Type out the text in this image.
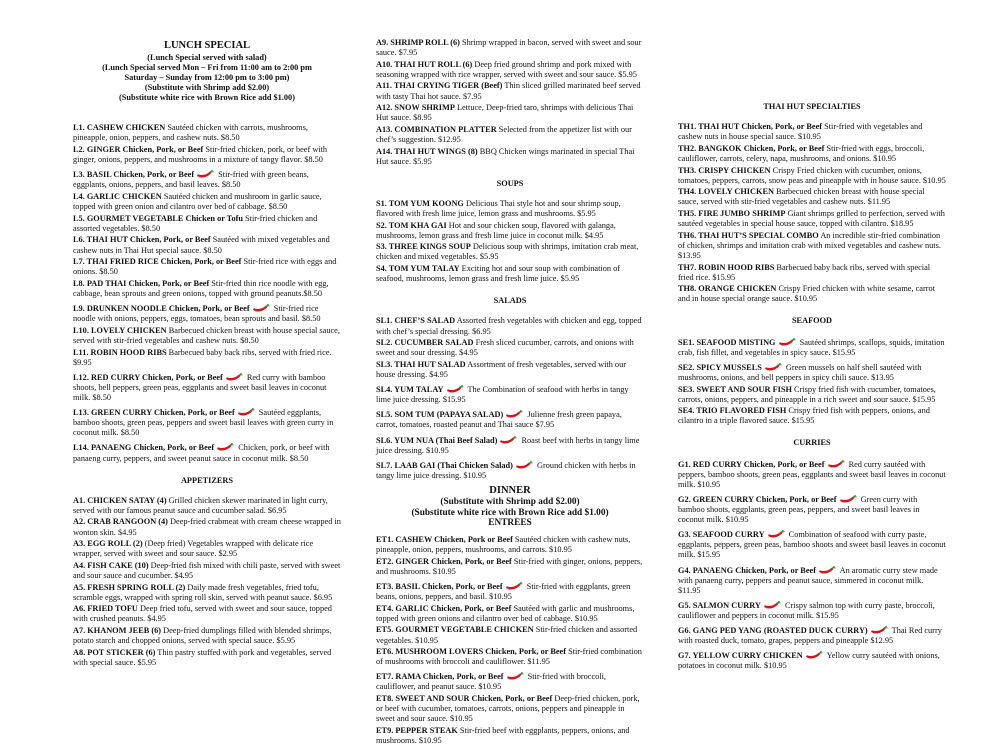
LUNCH SPECIAL
(Lunch Special served with salad)
(Lunch Special served Mon – Fri from 11:00 am to 2:00 pm
Saturday – Sunday from 12:00 pm to 3:00 pm)
(Substitute with Shrimp add $2.00)
(Substitute white rice with Brown Rice add $1.00)
L1. CASHEW CHICKEN Sautéed chicken with carrots, mushrooms, pineapple, onion, peppers, and cashew nuts. $8.50
L2. GINGER Chicken, Pork, or Beef Stir-fried chicken, pork, or beef with ginger, onions, peppers, and mushrooms in a mixture of tangy flavor. $8.50
L3. BASIL Chicken, Pork, or Beef	Stir-fried with green beans, eggplants, onions, peppers, and basil leaves. $8.50
L4. GARLIC CHICKEN Sautéed chicken and mushroom in garlic sauce, topped with green onion and cilantro over bed of cabbage. $8.50
L5. GOURMET VEGETABLE Chicken or Tofu Stir-fried chicken and assorted vegetables. $8.50
L6. THAI HUT Chicken, Pork, or Beef Sautéed with mixed vegetables and cashew nuts in Thai Hut special sauce. $8.50
L7. THAI FRIED RICE Chicken, Pork, or Beef Stir-fried rice with eggs and onions. $8.50
L8. PAD THAI Chicken, Pork, or Beef Stir-fried thin rice noodle with egg, cabbage, bean sprouts and green onions, topped with ground peanuts.$8.50
L9. DRUNKEN NOODLE Chicken, Pork, or Beef	Stir-fried rice noodle with onions, peppers, eggs, tomatoes, bean sprouts and basil. $8.50
L10. LOVELY CHICKEN Barbecued chicken breast with house special sauce, served with stir-fried vegetables and cashew nuts. $8.50
L11. ROBIN HOOD RIBS Barbecued baby back ribs, served with fried rice. $9.95
L12. RED CURRY Chicken, Pork, or Beef	Red curry with bamboo shoots, bell peppers, green peas, eggplants and sweet basil leaves in coconut milk. $8.50
L13. GREEN CURRY Chicken, Pork, or Beef	Sautéed eggplants, bamboo shoots, green peas, peppers and sweet basil leaves with green curry in coconut milk. $8.50
L14. PANAENG Chicken, Pork, or Beef	Chicken, pork, or beef with panaeng curry, peppers, and sweet peanut sauce in coconut milk. $8.50
APPETIZERS
A1. CHICKEN SATAY (4) Grilled chicken skewer marinated in light curry, served with our famous peanut sauce and cucumber salad. $6.95
A2. CRAB RANGOON (4) Deep-fried crabmeat with cream cheese wrapped in wonton skin. $4.95
A3. EGG ROLL (2) (Deep fried) Vegetables wrapped with delicate rice wrapper, served with sweet and sour sauce. $2.95
A4. FISH CAKE (10) Deep-fried fish mixed with chili paste, served with sweet and sour sauce and cucumber. $4.95
A5. FRESH SPRING ROLL (2) Daily made fresh vegetables, fried tofu, scramble eggs, wrapped with spring roll skin, served with peanut sauce. $6.95
A6. FRIED TOFU Deep fried tofu, served with sweet and sour sauce, topped with crushed peanuts. $4.95
A7. KHANOM JEEB (6) Deep-fried dumplings filled with blended shrimps, potato starch and chopped onions, served with special sauce. $5.95
A8. POT STICKER (6) Thin pastry stuffed with pork and vegetables, served with special sauce. $5.95
A9. SHRIMP ROLL (6) Shrimp wrapped in bacon, served with sweet and sour sauce. $7.95
A10. THAI HUT ROLL (6) Deep fried ground shrimp and pork mixed with seasoning wrapped with rice wrapper, served with sweet and sour sauce. $5.95
A11. THAI CRYING TIGER (Beef) Thin sliced grilled marinated beef served with tasty Thai hot sauce. $7.95
A12. SNOW SHRIMP Lettuce, Deep-fried taro, shrimps with delicious Thai Hut sauce. $8.95
A13. COMBINATION PLATTER Selected from the appetizer list with our chef’s suggestion. $12.95
A14. THAI HUT WINGS (8) BBQ Chicken wings marinated in special Thai Hut sauce. $5.95
SOUPS
S1. TOM YUM KOONG Delicious Thai style hot and sour shrimp soup, flavored with fresh lime juice, lemon grass and mushrooms. $5.95
S2. TOM KHA GAI Hot and sour chicken soup, flavored with galanga, mushrooms, lemon grass and fresh lime juice in coconut milk. $4.95
S3. THREE KINGS SOUP Delicious soup with shrimps, imitation crab meat, chicken and mixed vegetables. $5.95
S4. TOM YUM TALAY Exciting hot and sour soup with combination of seafood, mushrooms, lemon grass and fresh lime juice. $5.95
SALADS
SL1. CHEF’S SALAD Assorted fresh vegetables with chicken and egg, topped with chef’s special dressing. $6.95
SL2. CUCUMBER SALAD Fresh sliced cucumber, carrots, and onions with sweet and sour dressing. $4.95
SL3. THAI HUT SALAD Assortment of fresh vegetables, served with our house dressing. $4.95
SL4. YUM TALAY	The Combination of seafood with herbs in tangy lime juice dressing. $15.95
SL5. SOM TUM (PAPAYA SALAD)	Julienne fresh green papaya, carrot, tomatoes, roasted peanut and Thai sauce $7.95
SL6. YUM NUA (Thai Beef Salad)	Roast beef with herbs in tangy lime juice dressing. $10.95
SL7. LAAB GAI (Thai Chicken Salad)	Ground chicken with herbs in tangy lime juice dressing. $10.95
DINNER
(Substitute with Shrimp add $2.00)
(Substitute white rice with Brown Rice add $1.00)
ENTREES
ET1. CASHEW Chicken, Pork or Beef Sautéed chicken with cashew nuts, pineapple, onion, peppers, mushrooms, and carrots. $10.95
ET2. GINGER Chicken, Pork, or Beef Stir-fried with ginger, onions, peppers, and mushrooms. $10.95
ET3. BASIL Chicken, Pork, or Beef	Stir-fried with eggplants, green beans, onions, peppers, and basil. $10.95
ET4. GARLIC Chicken, Pork, or Beef Sautéed with garlic and mushrooms, topped with green onions and cilantro over bed of cabbage. $10.95
ET5. GOURMET VEGETABLE CHICKEN Stir-fried chicken and assorted vegetables. $10.95
ET6. MUSHROOM LOVERS Chicken, Pork, or Beef Stir-fried combination of mushrooms with broccoli and cauliflower. $11.95
ET7. RAMA Chicken, Pork, or Beef	Stir-fried with broccoli, cauliflower, and peanut sauce. $10.95
ET8. SWEET AND SOUR Chicken, Pork, or Beef Deep-fried chicken, pork, or beef with cucumber, tomatoes, carrots, onions, peppers and pineapple in sweet and sour sauce. $10.95
ET9. PEPPER STEAK Stir-fried beef with eggplants, peppers, onions, and mushrooms. $10.95
THAI HUT SPECIALTIES
TH1. THAI HUT Chicken, Pork, or Beef Stir-fried with vegetables and cashew nuts in house special sauce. $10.95
TH2. BANGKOK Chicken, Pork, or Beef Stir-fried with eggs, broccoli, cauliflower, carrots, celery, napa, mushrooms, and onions. $10.95
TH3. CRISPY CHICKEN Crispy Fried chicken with cucumber, onions, tomatoes, peppers, carrots, snow peas and pineapple with in house sauce. $10.95
TH4. LOVELY CHICKEN Barbecued chicken breast with house special sauce, served with stir-fried vegetables and cashew nuts. $11.95
TH5. FIRE JUMBO SHRIMP Giant shrimps grilled to perfection, served with sautéed vegetables in special house sauce, topped with cilantro. $18.95
TH6. THAI HUT’S SPECIAL COMBO An incredible stir-fried combination of chicken, shrimps and imitation crab with mixed vegetables and cashew nuts. $13.95
TH7. ROBIN HOOD RIBS Barbecued baby back ribs, served with special fried rice. $15.95
TH8. ORANGE CHICKEN Crispy Fried chicken with white sesame, carrot and in house special orange sauce. $10.95
SEAFOOD
SE1. SEAFOOD MISTING	Sautéed shrimps, scallops, squids, imitation crab, fish fillet, and vegetables in spicy sauce. $15.95
SE2. SPICY MUSSELS	Green mussels on half shell sautéed with mushrooms, onions, and bell peppers in spicy chili sauce. $13.95
SE3. SWEET AND SOUR FISH Crispy fried fish with cucumber, tomatoes, carrots, onions, peppers, and pineapple in a rich sweet and sour sauce. $15.95
SE4. TRIO FLAVORED FISH Crispy fried fish with peppers, onions, and cilantro in a triple flavored sauce. $15.95
CURRIES
G1. RED CURRY Chicken, Pork, or Beef	Red curry sautéed with peppers, bamboo shoots, green peas, eggplants and sweet basil leaves in coconut milk. $10.95
G2. GREEN CURRY Chicken, Pork, or Beef	Green curry with bamboo shoots, eggplants, green peas, peppers, and sweet basil leaves in coconut milk. $10.95
G3. SEAFOOD CURRY	Combination of seafood with curry paste, eggplants, peppers, green peas, bamboo shoots and sweet basil leaves in coconut milk. $15.95
G4. PANAENG Chicken, Pork, or Beef	An aromatic curry stew made with panaeng curry, peppers and peanut sauce, simmered in coconut milk. $11.95
G5. SALMON CURRY	Crispy salmon top with curry paste, broccoli, cauliflower and peppers in coconut milk. $15.95
G6. GANG PED YANG (ROASTED DUCK CURRY)	Thai Red curry with roasted duck, tomato, grapes, peppers and pineapple $12.95
G7. YELLOW CURRY CHICKEN	Yellow curry sautéed with onions, potatoes in coconut milk. $10.95
